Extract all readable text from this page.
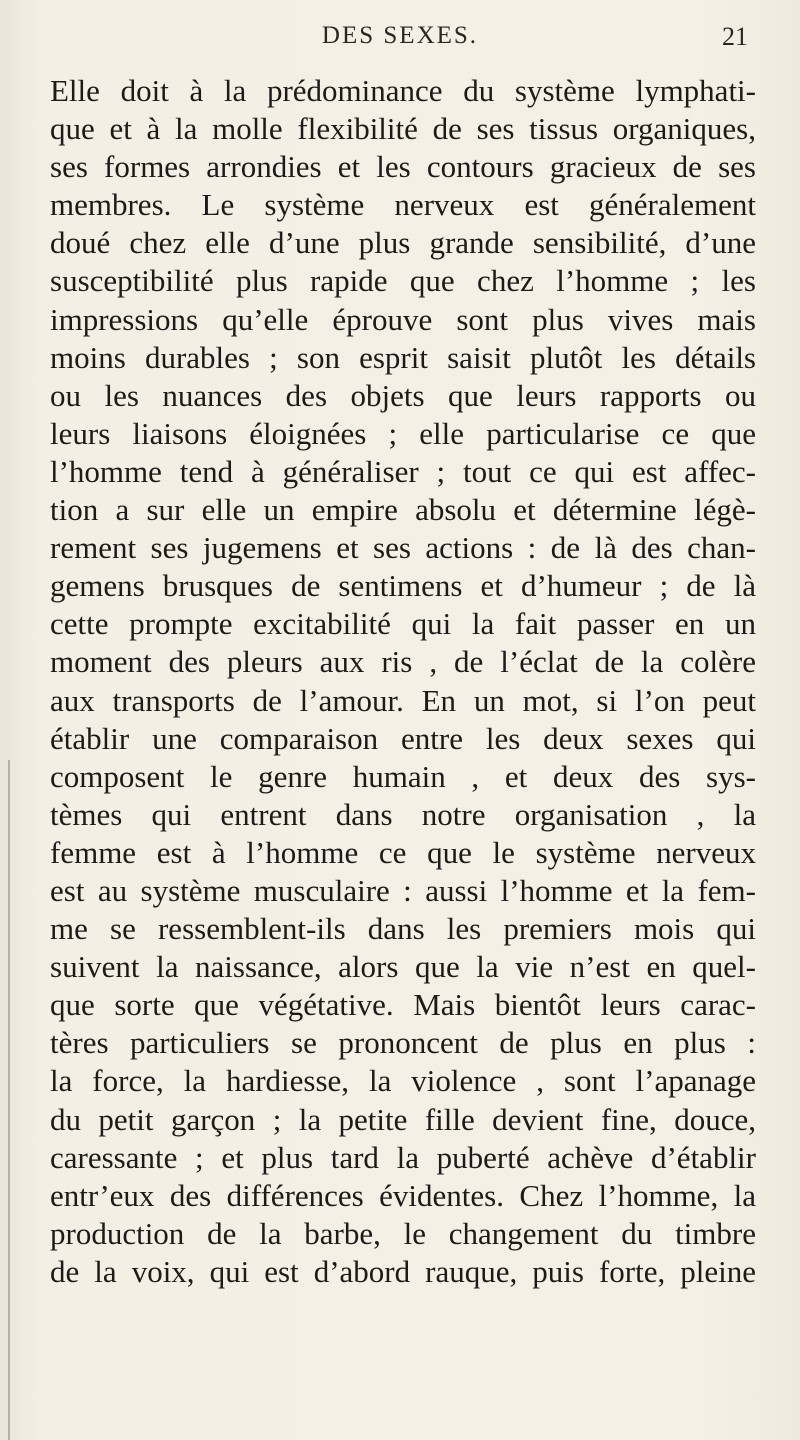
DES SEXES.	21
Elle doit à la prédominance du système lymphati-
que et à la molle flexibilité de ses tissus organiques,
ses formes arrondies et les contours gracieux de ses
membres. Le système nerveux est généralement
doué chez elle d’une plus grande sensibilité, d’une
susceptibilité plus rapide que chez l’homme ; les
impressions qu’elle éprouve sont plus vives mais
moins durables ; son esprit saisit plutôt les détails
ou les nuances des objets que leurs rapports ou
leurs liaisons éloignées ; elle particularise ce que
l’homme tend à généraliser ; tout ce qui est affec-
tion a sur elle un empire absolu et détermine légè-
rement ses jugemens et ses actions : de là des chan-
gemens brusques de sentimens et d’humeur ; de là
cette prompte excitabilité qui la fait passer en un
moment des pleurs aux ris , de l’éclat de la colère
aux transports de l’amour. En un mot, si l’on peut
établir une comparaison entre les deux sexes qui
composent le genre humain , et deux des sys-
tèmes qui entrent dans notre organisation , la
femme est à l’homme ce que le système nerveux
est au système musculaire : aussi l’homme et la fem-
me se ressemblent-ils dans les premiers mois qui
suivent la naissance, alors que la vie n’est en quel-
que sorte que végétative. Mais bientôt leurs carac-
tères particuliers se prononcent de plus en plus :
la force, la hardiesse, la violence , sont l’apanage
du petit garçon ; la petite fille devient fine, douce,
caressante ; et plus tard la puberté achève d’établir
entr’eux des différences évidentes. Chez l’homme, la
production de la barbe, le changement du timbre
de la voix, qui est d’abord rauque, puis forte, pleine
